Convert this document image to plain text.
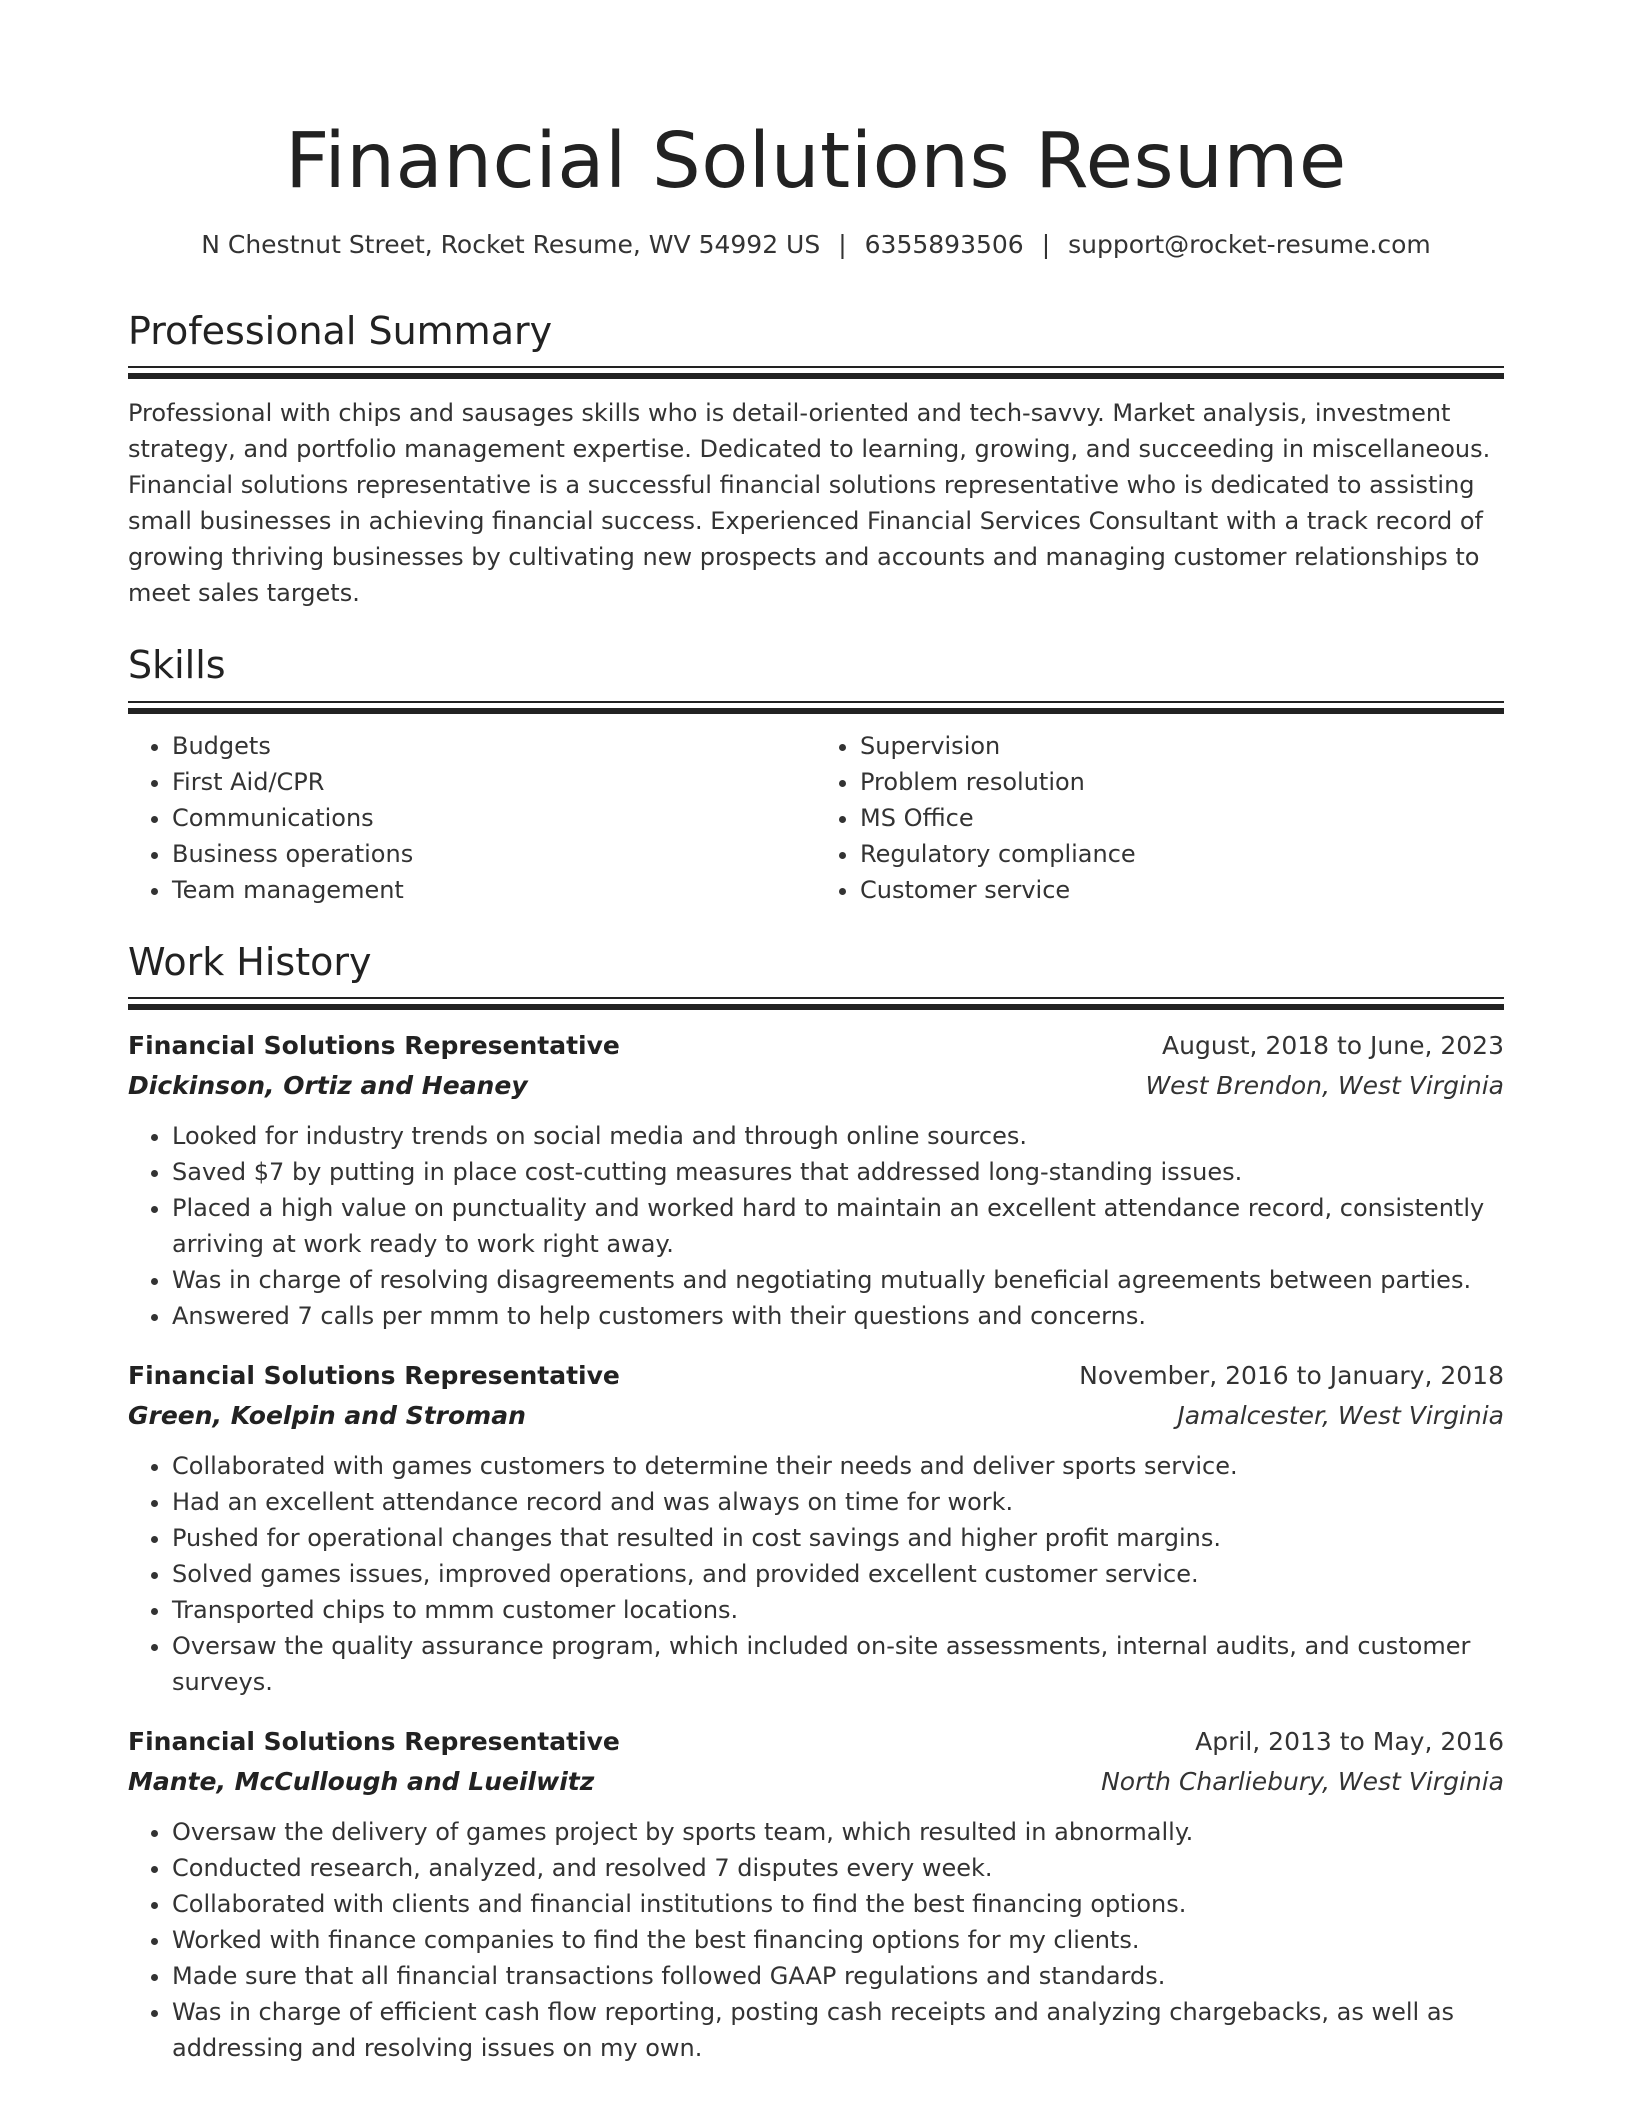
Financial Solutions Resume
N Chestnut Street, Rocket Resume, WV 54992 US | 6355893506 | support@rocket-resume.com
Professional Summary

Professional with chips and sausages skills who is detail-oriented and tech-savvy. Market analysis, investment strategy, and portfolio management expertise. Dedicated to learning, growing, and succeeding in miscellaneous. Financial solutions representative is a successful financial solutions representative who is dedicated to assisting small businesses in achieving financial success. Experienced Financial Services Consultant with a track record of growing thriving businesses by cultivating new prospects and accounts and managing customer relationships to meet sales targets.

Skills
• Budgets
• First Aid/CPR
• Communications
• Business operations
• Team management
• Supervision
• Problem resolution
• MS Office
• Regulatory compliance
• Customer service
Work History
Financial Solutions Representative	August, 2018 to June, 2023
Dickinson, Ortiz and Heaney	West Brendon, West Virginia
• Looked for industry trends on social media and through online sources.
• Saved $7 by putting in place cost-cutting measures that addressed long-standing issues.
• Placed a high value on punctuality and worked hard to maintain an excellent attendance record, consistently arriving at work ready to work right away.
• Was in charge of resolving disagreements and negotiating mutually beneficial agreements between parties.
• Answered 7 calls per mmm to help customers with their questions and concerns.
Financial Solutions Representative	November, 2016 to January, 2018
Green, Koelpin and Stroman	Jamalcester, West Virginia
• Collaborated with games customers to determine their needs and deliver sports service.
• Had an excellent attendance record and was always on time for work.
• Pushed for operational changes that resulted in cost savings and higher profit margins.
• Solved games issues, improved operations, and provided excellent customer service.
• Transported chips to mmm customer locations.
• Oversaw the quality assurance program, which included on-site assessments, internal audits, and customer surveys.
Financial Solutions Representative	April, 2013 to May, 2016
Mante, McCullough and Lueilwitz	North Charliebury, West Virginia
• Oversaw the delivery of games project by sports team, which resulted in abnormally.
• Conducted research, analyzed, and resolved 7 disputes every week.
• Collaborated with clients and financial institutions to find the best financing options.
• Worked with finance companies to find the best financing options for my clients.
• Made sure that all financial transactions followed GAAP regulations and standards.
• Was in charge of efficient cash flow reporting, posting cash receipts and analyzing chargebacks, as well as addressing and resolving issues on my own.
